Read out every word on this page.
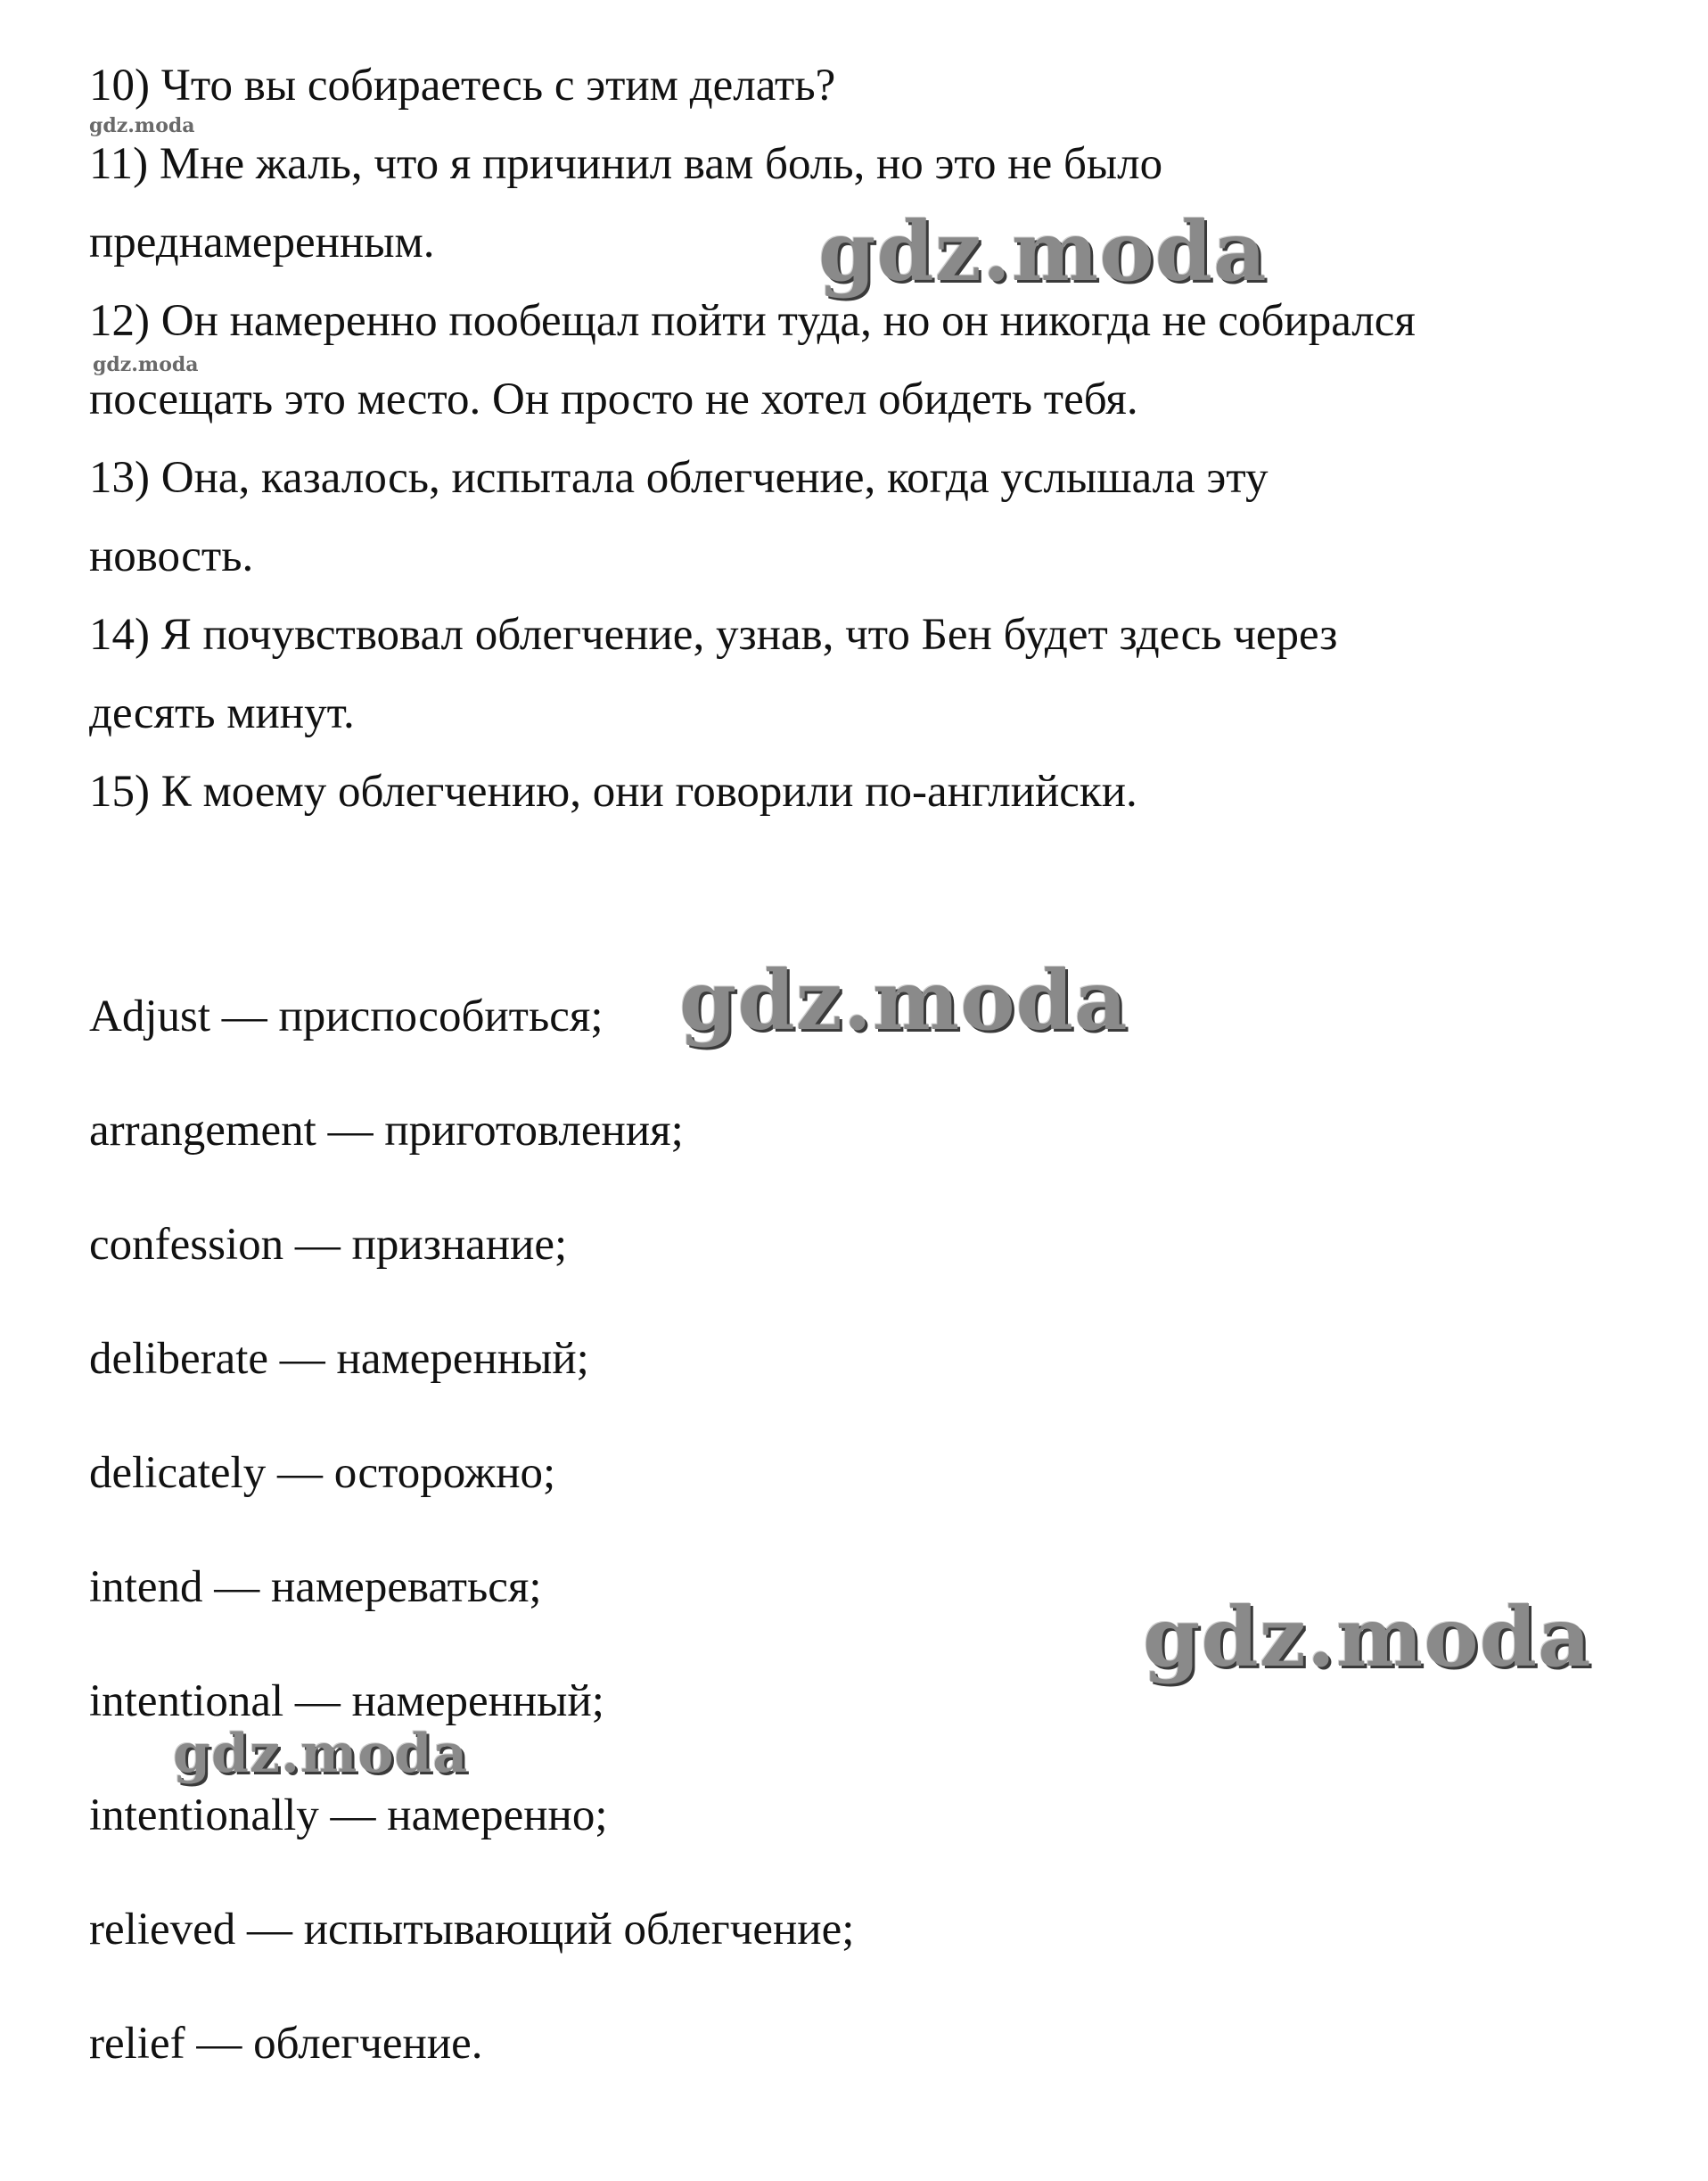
10) Что вы собираетесь с этим делать?

11) Мне жаль, что я причинил вам боль, но это не было

преднамеренным.

12) Он намеренно пообещал пойти туда, но он никогда не собирался

посещать это место. Он просто не хотел обидеть тебя.

13) Она, казалось, испытала облегчение, когда услышала эту

новость.

14) Я почувствовал облегчение, узнав, что Бен будет здесь через

десять минут.

15) К моему облегчению, они говорили по-английски.

Adjust — приспособиться;

arrangement — приготовления;

confession — признание;

deliberate — намеренный;

delicately — осторожно;

intend — намереваться;

intentional — намеренный;

intentionally — намеренно;

relieved — испытывающий облегчение;

relief — облегчение.

gdz.moda
gdz.moda
gdz.moda
gdz.moda
gdz.moda
gdz.moda
